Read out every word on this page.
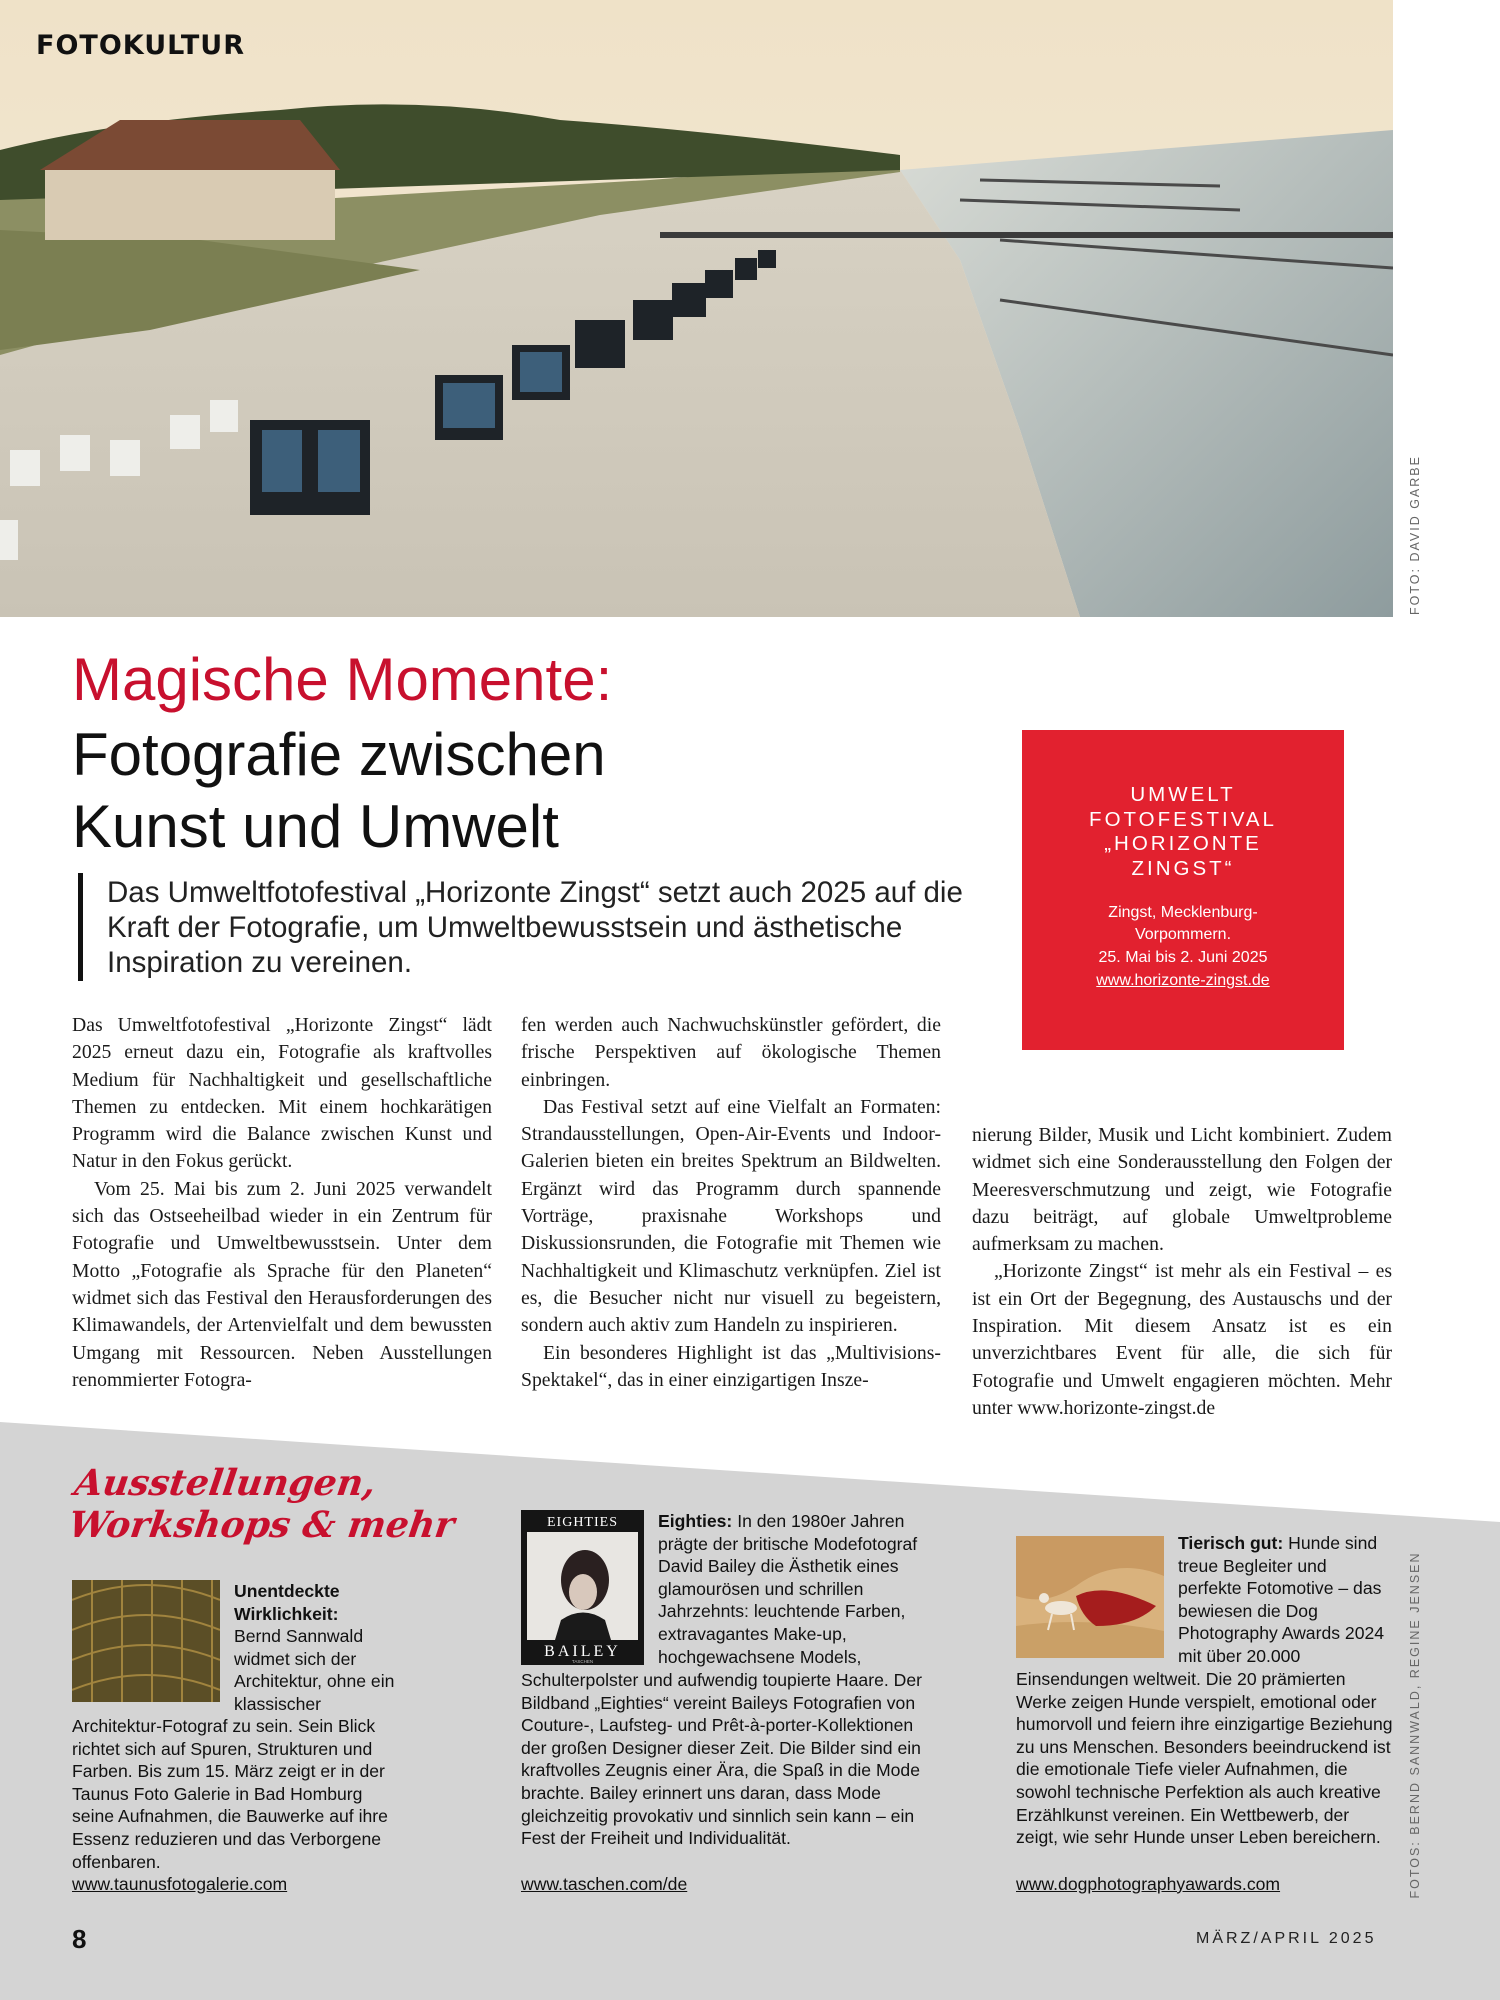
FOTOKULTUR
FOTO: DAVID GARBE
Magische Momente:
Fotografie zwischen
Kunst und Umwelt
Das Umweltfotofestival „Horizonte Zingst“ setzt auch 2025 auf die Kraft der Fotografie, um Umweltbewusstsein und ästhetische Inspiration zu vereinen.
UMWELT
FOTOFESTIVAL
„HORIZONTE
ZINGST“
Zingst, Mecklenburg-Vorpommern.
25. Mai bis 2. Juni 2025
www.horizonte-zingst.de

Das Umweltfotofestival „Horizonte Zingst“ lädt 2025 erneut dazu ein, Fotografie als kraftvolles Medium für Nachhaltigkeit und gesellschaftliche Themen zu entdecken. Mit einem hochkarätigen Programm wird die Balance zwischen Kunst und Natur in den Fokus gerückt.

Vom 25. Mai bis zum 2. Juni 2025 verwandelt sich das Ostseeheilbad wieder in ein Zentrum für Fotografie und Umweltbewusstsein. Unter dem Motto „Fotografie als Sprache für den Planeten“ widmet sich das Festival den Herausforderungen des Klimawandels, der Artenvielfalt und dem bewussten Umgang mit Ressourcen. Neben Ausstellungen renommierter Fotogra-

fen werden auch Nachwuchskünstler gefördert, die frische Perspektiven auf ökologische Themen einbringen.

Das Festival setzt auf eine Vielfalt an Formaten: Strandausstellungen, Open-Air-Events und Indoor-Galerien bieten ein breites Spektrum an Bildwelten. Ergänzt wird das Programm durch spannende Vorträge, praxisnahe Workshops und Diskussionsrunden, die Fotografie mit Themen wie Nachhaltigkeit und Klimaschutz verknüpfen. Ziel ist es, die Besucher nicht nur visuell zu begeistern, sondern auch aktiv zum Handeln zu inspirieren.

Ein besonderes Highlight ist das „Multivisions-Spektakel“, das in einer einzigartigen Insze-

nierung Bilder, Musik und Licht kombiniert. Zudem widmet sich eine Sonderausstellung den Folgen der Meeresverschmutzung und zeigt, wie Fotografie dazu beiträgt, auf globale Umweltprobleme aufmerksam zu machen.

„Horizonte Zingst“ ist mehr als ein Festival – es ist ein Ort der Begegnung, des Austauschs und der Inspiration. Mit diesem Ansatz ist es ein unverzichtbares Event für alle, die sich für Fotografie und Umwelt engagieren möchten. Mehr unter www.horizonte-zingst.de

Ausstellungen,
Workshops & mehr
Unentdeckte Wirklichkeit:
Bernd Sannwald widmet sich der Architektur, ohne ein klassischer
Architektur-Fotograf zu sein. Sein Blick richtet sich auf Spuren, Strukturen und Farben. Bis zum 15. März zeigt er in der Taunus Foto Galerie in Bad Homburg seine Aufnahmen, die Bauwerke auf ihre Essenz reduzieren und das Verborgene offenbaren.
www.taunusfotogalerie.com
EIGHTIES
BAILEY
TASCHEN
Eighties: In den 1980er Jahren prägte der britische Modefotograf David Bailey die Ästhetik eines glamourösen und schrillen Jahrzehnts: leuchtende Farben, extravagantes Make-up, hochgewachsene Models,
Schulterpolster und aufwendig toupierte Haare. Der Bildband „Eighties“ vereint Baileys Fotografien von Couture-, Laufsteg- und Prêt-à-porter-Kollektionen der großen Designer dieser Zeit. Die Bilder sind ein kraftvolles Zeugnis einer Ära, die Spaß in die Mode brachte. Bailey erinnert uns daran, dass Mode gleichzeitig provokativ und sinnlich sein kann – ein Fest der Freiheit und Individualität.
www.taschen.com/de
Tierisch gut: Hunde sind treue Begleiter und perfekte Fotomotive – das bewiesen die Dog Photography Awards 2024 mit über 20.000
Einsendungen weltweit. Die 20 prämierten Werke zeigen Hunde verspielt, emotional oder humorvoll und feiern ihre einzigartige Beziehung zu uns Menschen. Besonders beeindruckend ist die emotionale Tiefe vieler Aufnahmen, die sowohl technische Perfektion als auch kreative Erzählkunst vereinen. Ein Wettbewerb, der zeigt, wie sehr Hunde unser Leben bereichern.
www.dogphotographyawards.com	FOTOS: BERND SANNWALD, REGINE JENSEN
8	MÄRZ/APRIL 2025
